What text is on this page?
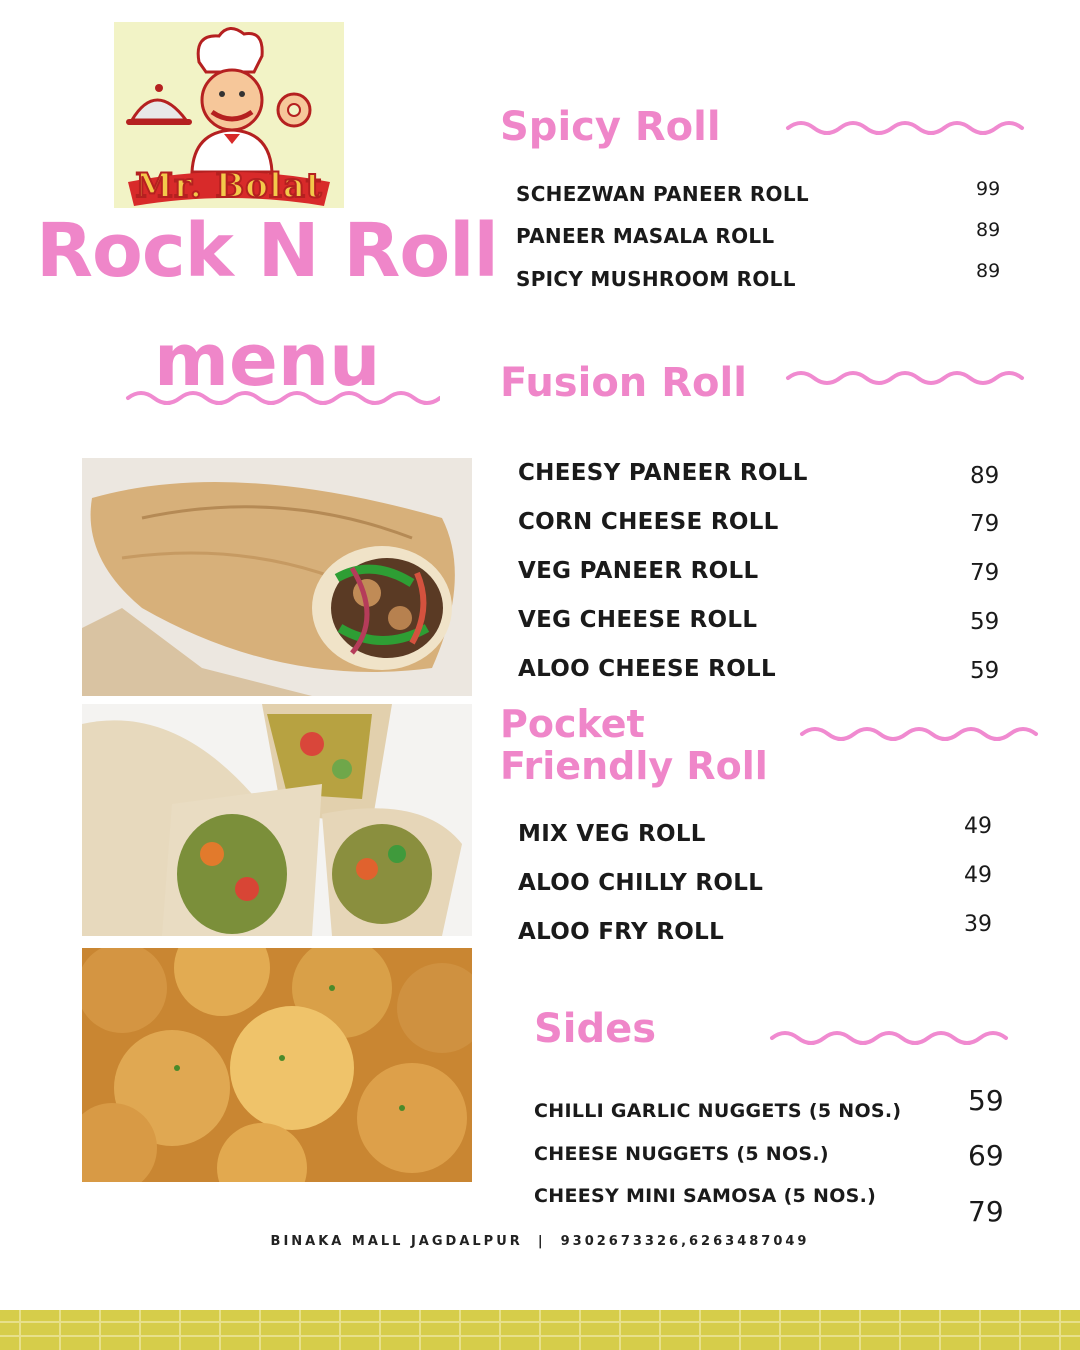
Mr. Bolat
Rock N Roll
menu
Spicy Roll
SCHEZWAN PANEER ROLL	99
PANEER MASALA ROLL	89
SPICY MUSHROOM ROLL	89
Fusion Roll
CHEESY PANEER ROLL	89
CORN CHEESE ROLL	79
VEG PANEER ROLL	79
VEG CHEESE ROLL	59
ALOO CHEESE ROLL	59
Pocket
Friendly Roll
MIX VEG ROLL	49
ALOO CHILLY ROLL	49
ALOO FRY ROLL	39
Sides
CHILLI GARLIC NUGGETS (5 NOS.) 59
CHEESE NUGGETS (5 NOS.)	69
CHEESY MINI SAMOSA (5 NOS.)	79
BINAKA MALL JAGDALPUR  |  9302673326,6263487049
